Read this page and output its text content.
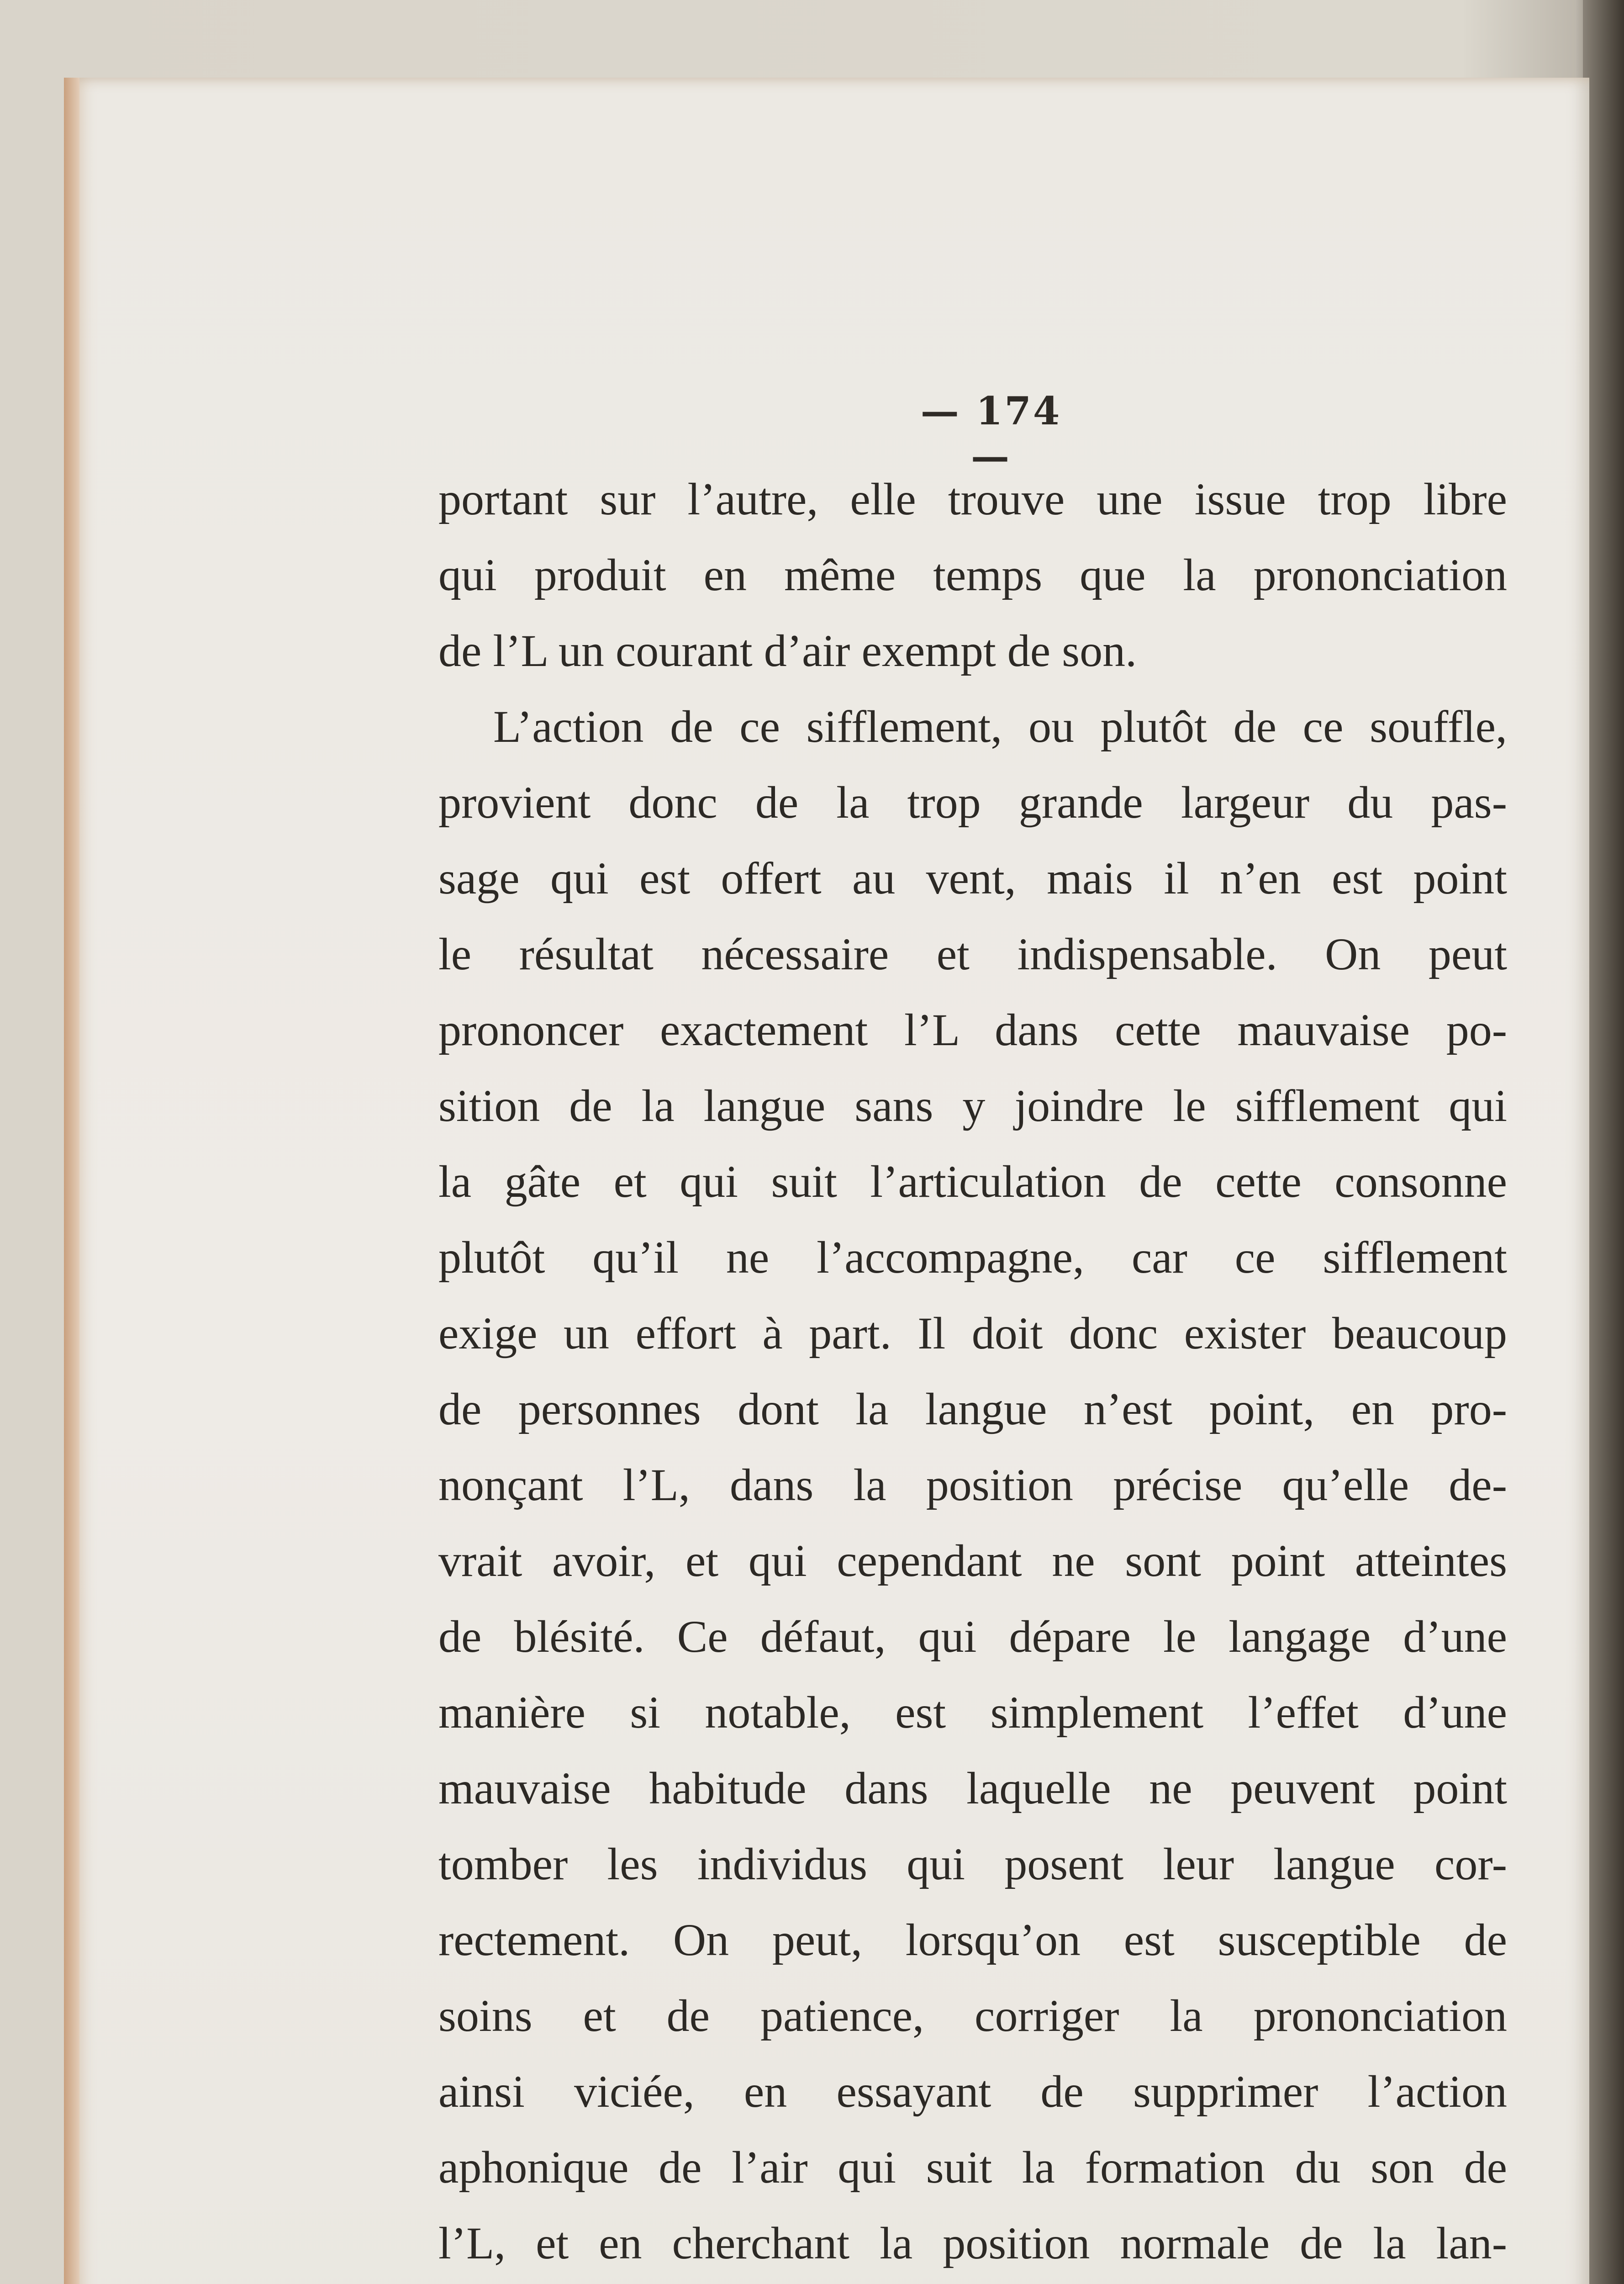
— 174 —
portant sur l’autre, elle trouve une issue trop libre
qui produit en même temps que la prononciation
de l’L un courant d’air exempt de son.
L’action de ce sifflement, ou plutôt de ce souffle,
provient donc de la trop grande largeur du pas-
sage qui est offert au vent, mais il n’en est point
le résultat nécessaire et indispensable. On peut
prononcer exactement l’L dans cette mauvaise po-
sition de la langue sans y joindre le sifflement qui
la gâte et qui suit l’articulation de cette consonne
plutôt qu’il ne l’accompagne, car ce sifflement
exige un effort à part. Il doit donc exister beaucoup
de personnes dont la langue n’est point, en pro-
nonçant l’L, dans la position précise qu’elle de-
vrait avoir, et qui cependant ne sont point atteintes
de blésité. Ce défaut, qui dépare le langage d’une
manière si notable, est simplement l’effet d’une
mauvaise habitude dans laquelle ne peuvent point
tomber les individus qui posent leur langue cor-
rectement. On peut, lorsqu’on est susceptible de
soins et de patience, corriger la prononciation
ainsi viciée, en essayant de supprimer l’action
aphonique de l’air qui suit la formation du son de
l’L, et en cherchant la position normale de la lan-
